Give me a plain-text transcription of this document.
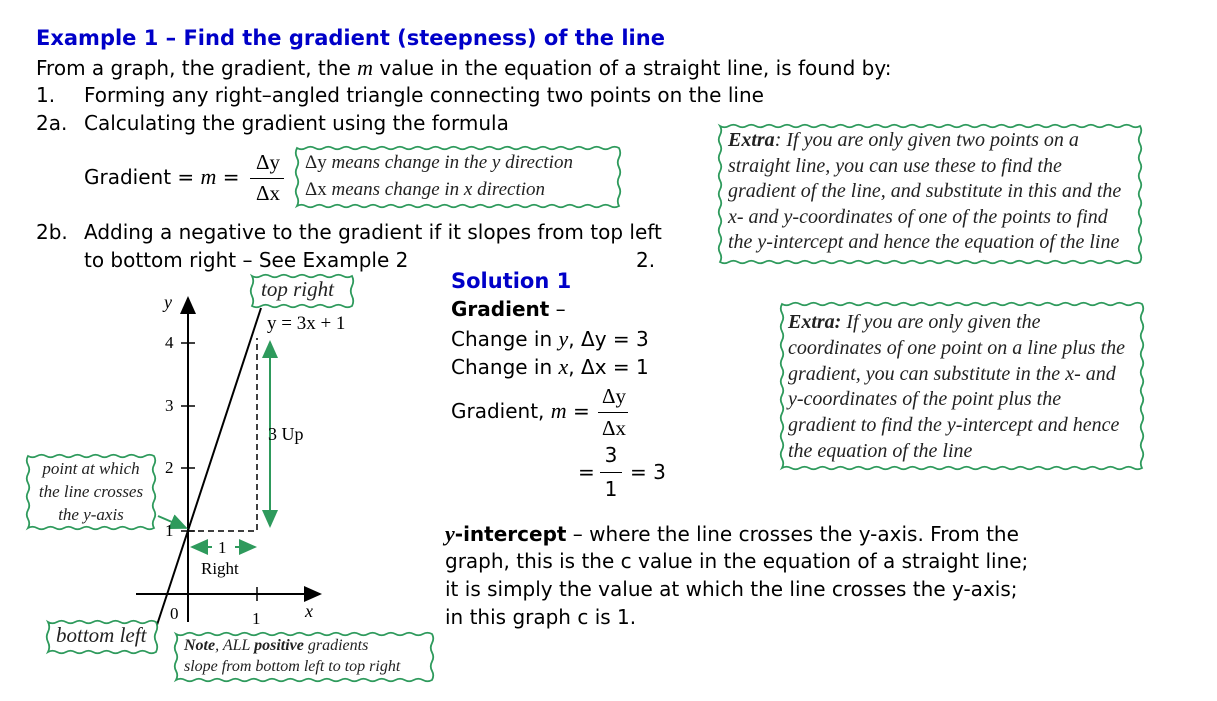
Example 1 – Find the gradient (steepness) of the line
From a graph, the gradient, the m value in the equation of a straight line, is found by:
1. Forming any right–angled triangle connecting two points on the line
2a. Calculating the gradient using the formula
Gradient = m =
Δy
Δx
Δy means change in the y direction
Δx means change in x direction
2b. Adding a negative to the gradient if it slopes from top left
to bottom right – See Example 2	2.
Extra: If you are only given two points on a
straight line, you can use these to find the
gradient of the line, and substitute in this and the
x- and y-coordinates of one of the points to find
the y-intercept and hence the equation of the line
Extra: If you are only given the
coordinates of one point on a line plus the
gradient, you can substitute in the x- and
y-coordinates of the point plus the
gradient to find the y-intercept and hence
the equation of the line
Solution 1
Gradient –
Change in y, Δy = 3
Change in x, Δx = 1
Gradient, m =
Δy
Δx
=
3
1
= 3
y-intercept – where the line crosses the y-axis. From the
graph, this is the c value in the equation of a straight line;
it is simply the value at which the line crosses the y-axis;
in this graph c is 1.
y
x
0
1
2
3
4
1
y = 3x + 1
3 Up
1
Right
top right
bottom left
point at which
the line crosses
the y-axis
Note, ALL positive gradients
slope from bottom left to top right
